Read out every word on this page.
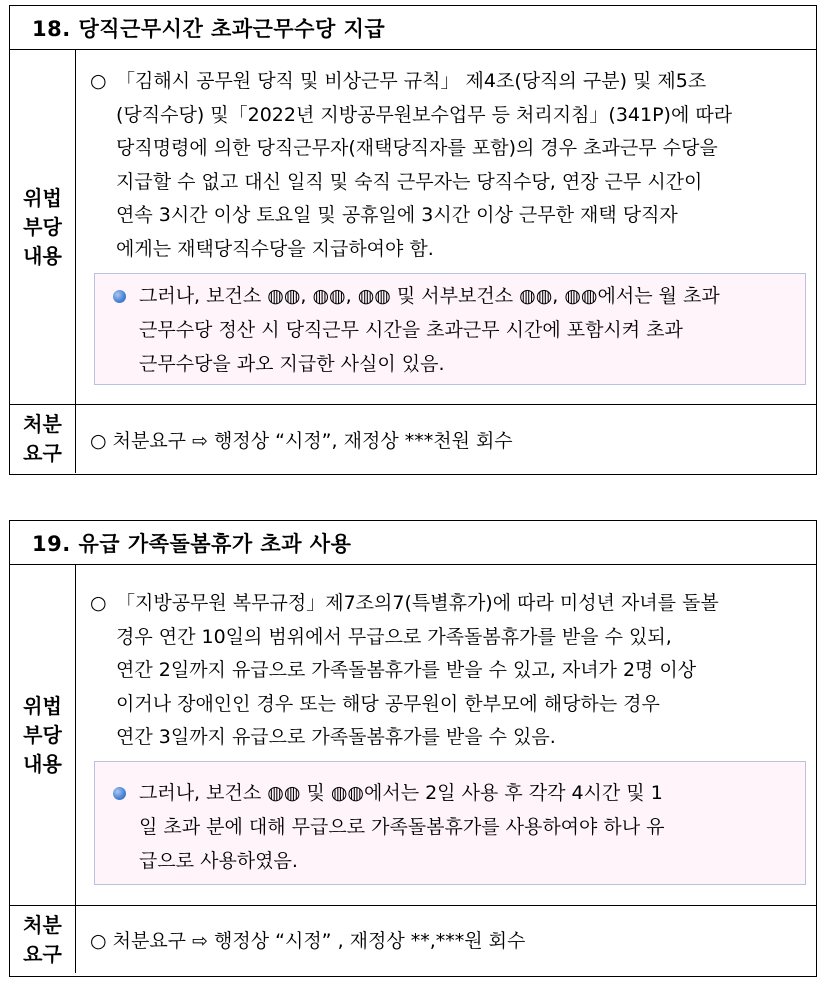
18. 당직근무시간 초과근무수당 지급
위법
부당
내용
○ 「김해시 공무원 당직 및 비상근무 규칙」 제4조(당직의 구분) 및 제5조
(당직수당) 및「2022년 지방공무원보수업무 등 처리지침」(341P)에 따라
당직명령에 의한 당직근무자(재택당직자를 포함)의 경우 초과근무 수당을
지급할 수 없고 대신 일직 및 숙직 근무자는 당직수당, 연장 근무 시간이
연속 3시간 이상 토요일 및 공휴일에 3시간 이상 근무한 재택 당직자
에게는 재택당직수당을 지급하여야 함.
그러나, 보건소 ◍◍, ◍◍, ◍◍ 및 서부보건소 ◍◍, ◍◍에서는 월 초과
근무수당 정산 시 당직근무 시간을 초과근무 시간에 포함시켜 초과
근무수당을 과오 지급한 사실이 있음.
처분
요구
○ 처분요구 ⇨ 행정상 “시정”, 재정상 ***천원 회수
19. 유급 가족돌봄휴가 초과 사용
위법
부당
내용
○ 「지방공무원 복무규정」제7조의7(특별휴가)에 따라 미성년 자녀를 돌볼
경우 연간 10일의 범위에서 무급으로 가족돌봄휴가를 받을 수 있되,
연간 2일까지 유급으로 가족돌봄휴가를 받을 수 있고, 자녀가 2명 이상
이거나 장애인인 경우 또는 해당 공무원이 한부모에 해당하는 경우
연간 3일까지 유급으로 가족돌봄휴가를 받을 수 있음.
그러나, 보건소 ◍◍ 및 ◍◍에서는 2일 사용 후 각각 4시간 및 1
일 초과 분에 대해 무급으로 가족돌봄휴가를 사용하여야 하나 유
급으로 사용하였음.
처분
요구
○ 처분요구 ⇨ 행정상 “시정” , 재정상 **,***원 회수
